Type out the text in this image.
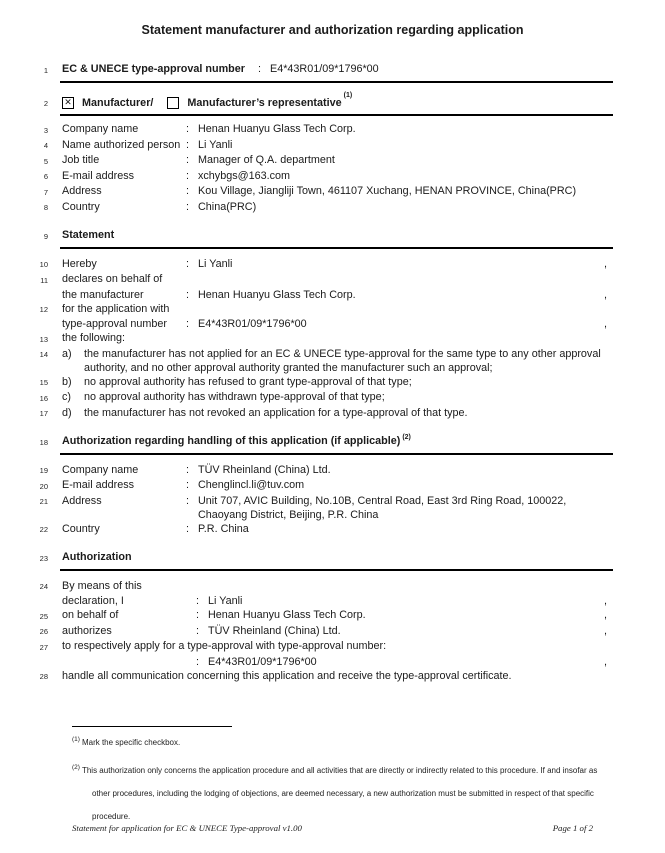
Statement manufacturer and authorization regarding application
1	EC & UNECE type-approval number	: E4*43R01/09*1796*00
2	✕ Manufacturer/	Manufacturer’s representative
(1)
3	Company name	: Henan Huanyu Glass Tech Corp.
4	Name authorized person : Li Yanli
5	Job title	: Manager of Q.A. department
6	E-mail address	: xchybgs@163.com
7	Address	: Kou Village, Jiangliji Town, 461107 Xuchang, HENAN PROVINCE, China(PRC)
8	Country	: China(PRC)
9	Statement
10	Hereby	: Li Yanli	,
11	declares on behalf of
the manufacturer	: Henan Huanyu Glass Tech Corp.	,
12	for the application with
type-approval number	: E4*43R01/09*1796*00	,
13	the following:
14	a)	the manufacturer has not applied for an EC & UNECE type-approval for the same type to any other approval authority, and no other approval authority granted the manufacturer such an approval;
15	b)	no approval authority has refused to grant type-approval of that type;
16	c)	no approval authority has withdrawn type-approval of that type;
17	d)	the manufacturer has not revoked an application for a type-approval of that type.
18	Authorization regarding handling of this application (if applicable) $^{(2)}$
19	Company name	: TÜV Rheinland (China) Ltd.
20	E-mail address	: Chenglincl.li@tuv.com
21	Address	: Unit 707, AVIC Building, No.10B, Central Road, East 3rd Ring Road, 100022,
Chaoyang District, Beijing, P.R. China
22	Country	: P.R. China
23	Authorization
24	By means of this
declaration, I	: Li Yanli	,
25	on behalf of	: Henan Huanyu Glass Tech Corp.	,
26	authorizes	: TÜV Rheinland (China) Ltd.	,
27	to respectively apply for a type-approval with type-approval number:
: E4*43R01/09*1796*00	,
28	handle all communication concerning this application and receive the type-approval certificate.
$^{(1)}$ Mark the specific checkbox.
$^{(2)}$ This authorization only concerns the application procedure and all activities that are directly or indirectly related to this procedure. If and insofar as other procedures, including the lodging of objections, are deemed necessary, a new authorization must be submitted in respect of that specific procedure.
Statement for application for EC & UNECE Type-approval v1.00	Page 1 of 2
